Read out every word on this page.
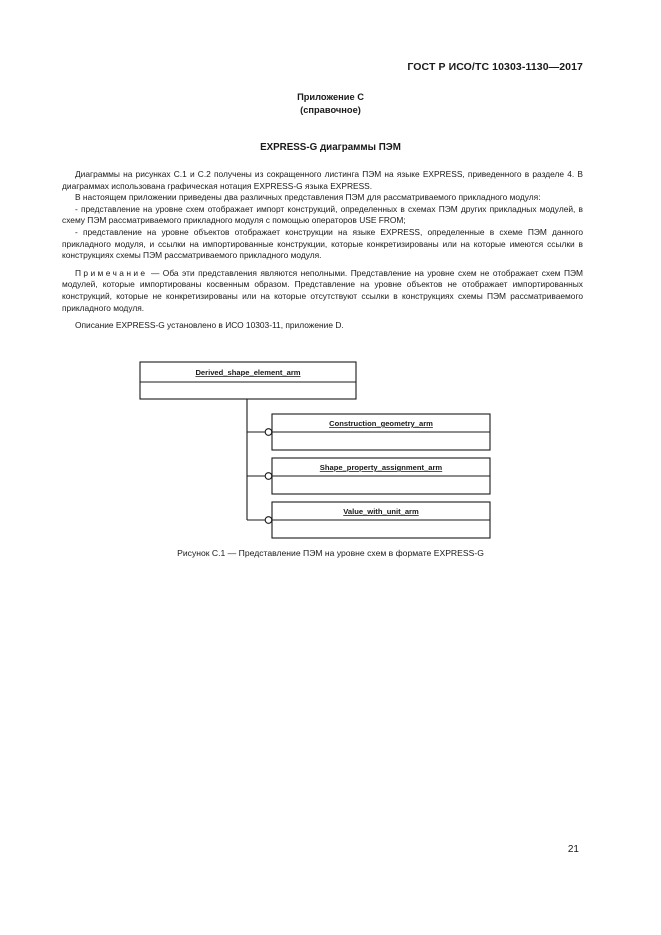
ГОСТ Р ИСО/ТС 10303-1130—2017
Приложение С
(справочное)
EXPRESS-G диаграммы ПЭМ

Диаграммы на рисунках С.1 и С.2 получены из сокращенного листинга ПЭМ на языке EXPRESS, приведенного в разделе 4. В диаграммах использована графическая нотация EXPRESS-G языка EXPRESS.

В настоящем приложении приведены два различных представления ПЭМ для рассматриваемого прикладного модуля:

- представление на уровне схем отображает импорт конструкций, определенных в схемах ПЭМ других прикладных модулей, в схему ПЭМ рассматриваемого прикладного модуля с помощью операторов USE FROM;

- представление на уровне объектов отображает конструкции на языке EXPRESS, определенные в схеме ПЭМ данного прикладного модуля, и ссылки на импортированные конструкции, которые конкретизированы или на которые имеются ссылки в конструкциях схемы ПЭМ рассматриваемого прикладного модуля.

Примечание — Оба эти представления являются неполными. Представление на уровне схем не отображает схем ПЭМ модулей, которые импортированы косвенным образом. Представление на уровне объектов не отображает импортированных конструкций, которые не конкретизированы или на которые отсутствуют ссылки в конструкциях схемы ПЭМ рассматриваемого прикладного модуля.

Описание EXPRESS-G установлено в ИСО 10303-11, приложение D.

Derived_shape_element_arm
Construction_geometry_arm
Shape_property_assignment_arm
Value_with_unit_arm
Рисунок С.1 — Представление ПЭМ на уровне схем в формате EXPRESS-G
21
